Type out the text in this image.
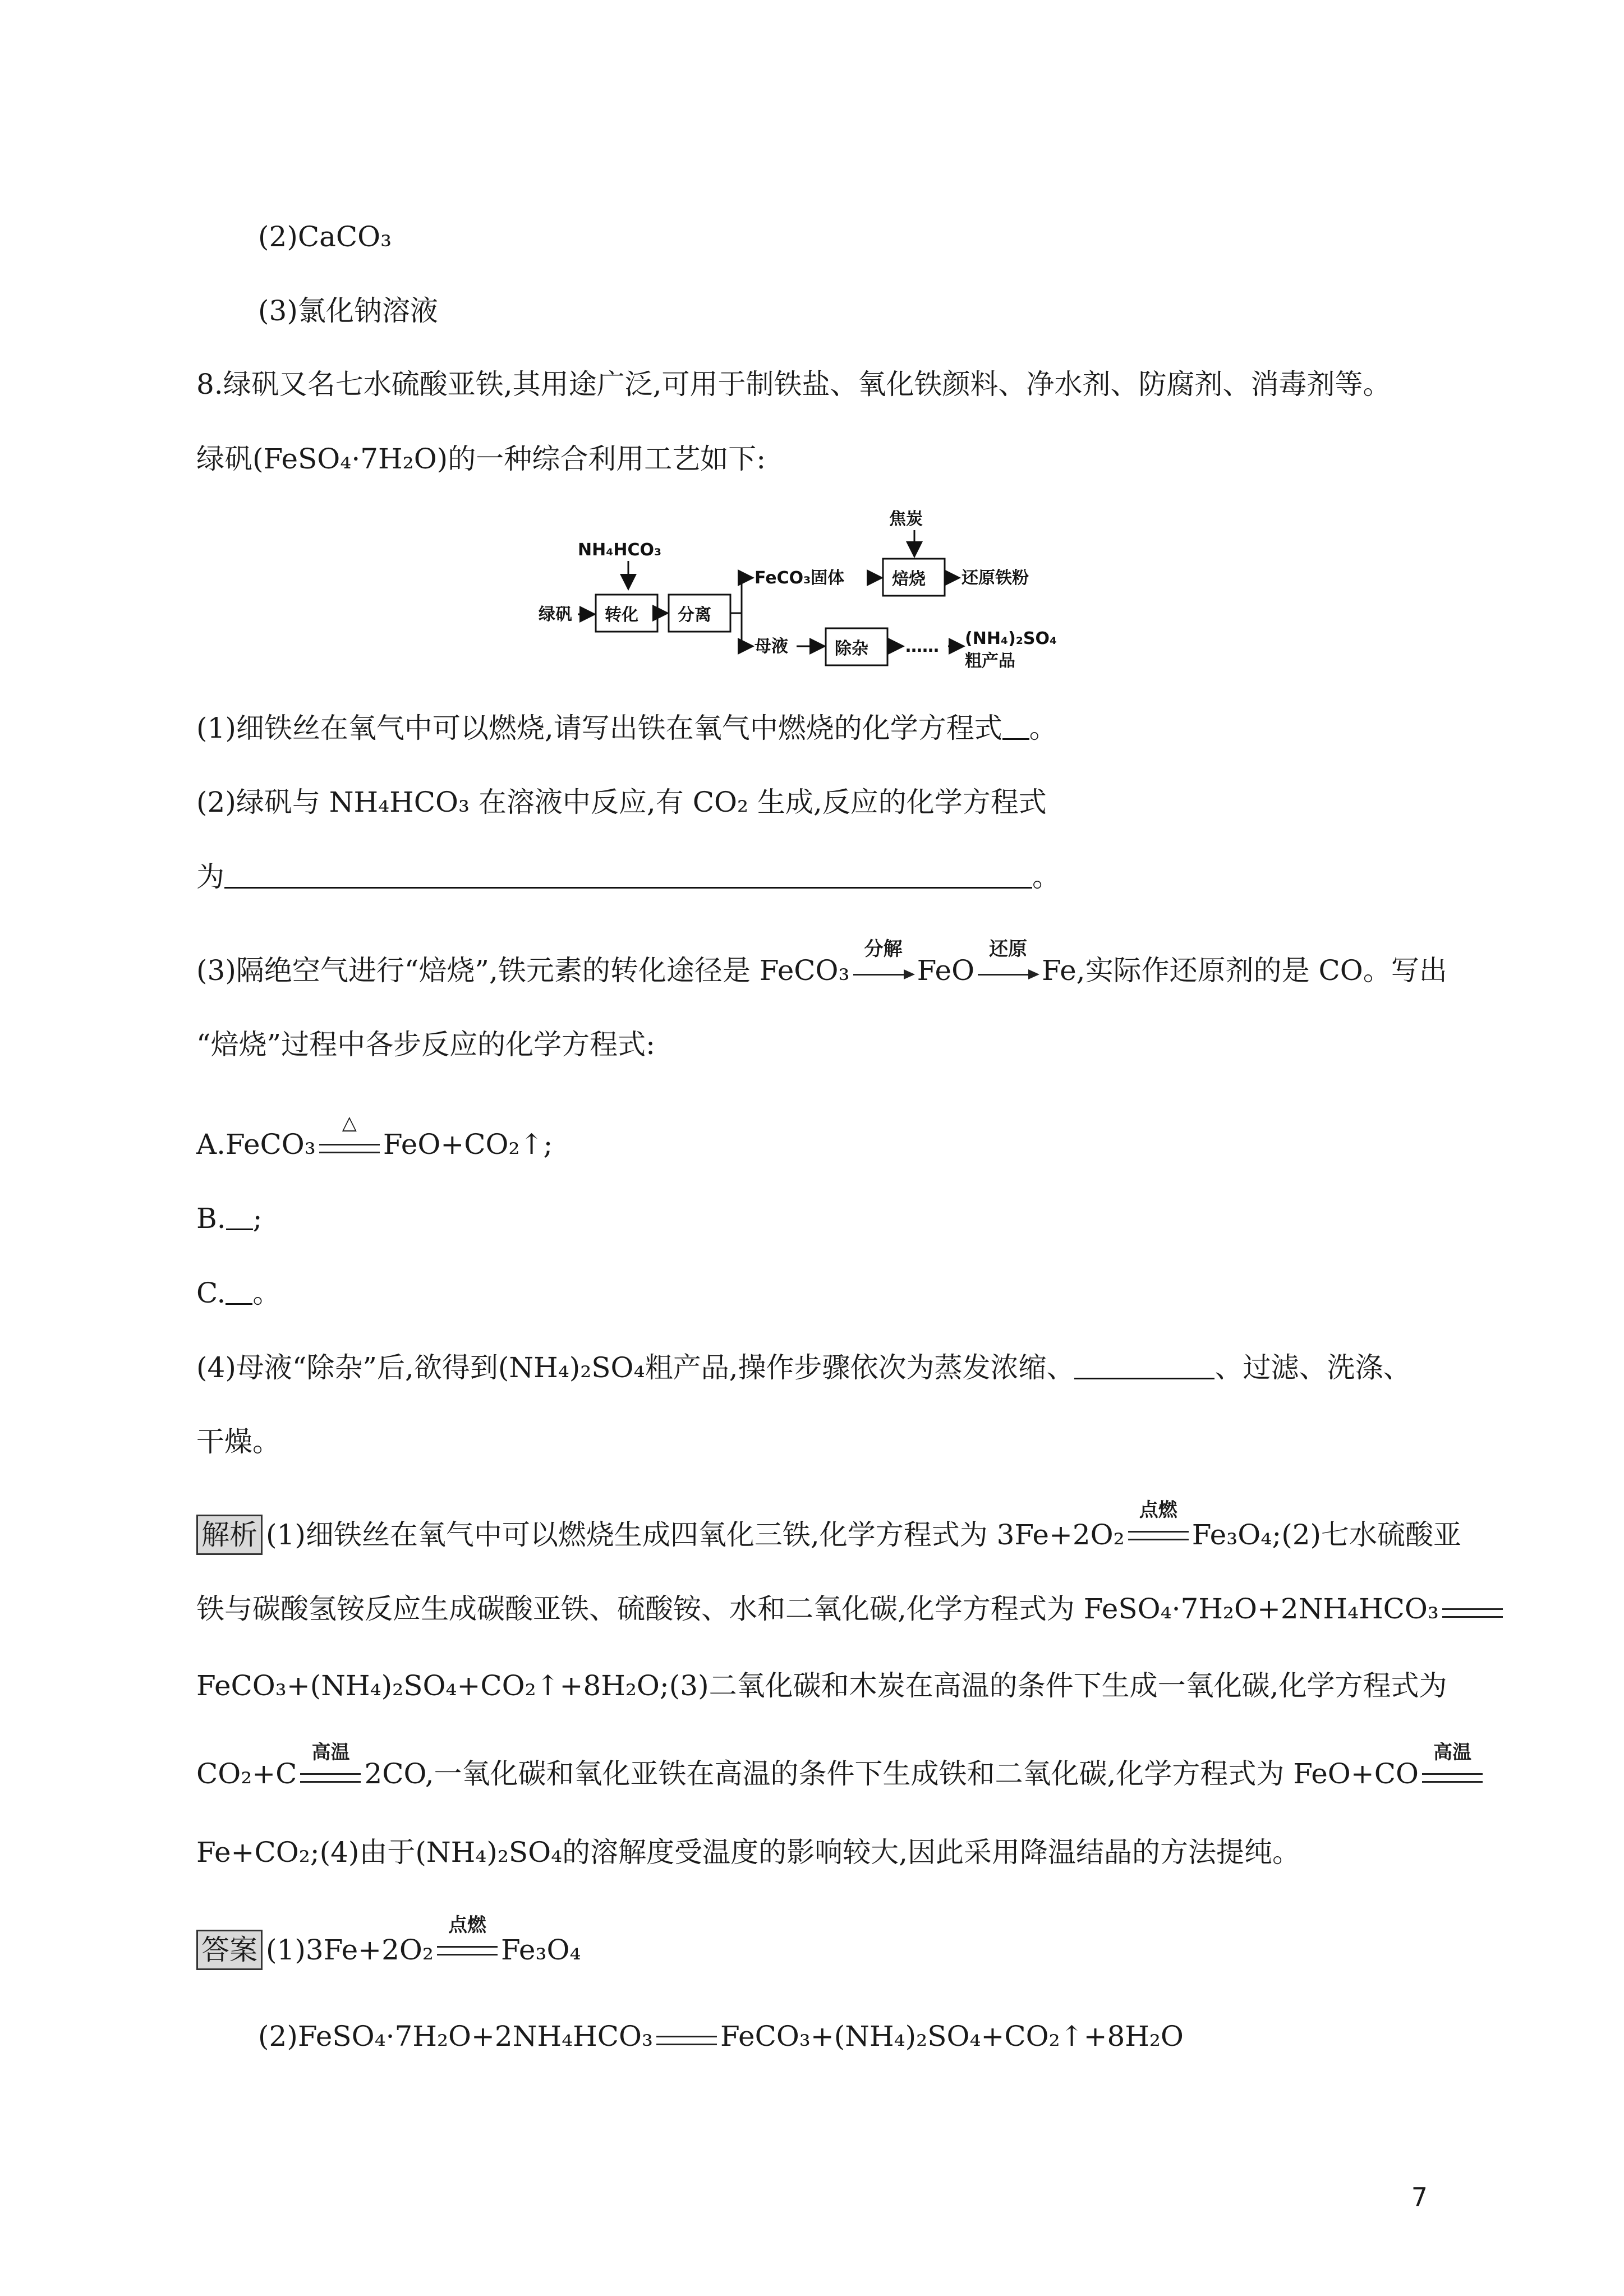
(2)CaCO₃
(3)氯化钠溶液
8.绿矾又名七水硫酸亚铁,其用途广泛,可用于制铁盐、氧化铁颜料、净水剂、防腐剂、消毒剂等。
绿矾(FeSO₄·7H₂O)的一种综合利用工艺如下:
NH₄HCO₃
绿矾 转化 分离
FeCO₃固体
焦炭
焙烧 还原铁粉
母液	除杂 …… (NH₄)₂SO₄
粗产品
(1)细铁丝在氧气中可以燃烧,请写出铁在氧气中燃烧的化学方程式 。
(2)绿矾与 NH₄HCO₃ 在溶液中反应,有 CO₂ 生成,反应的化学方程式
为	。
(3)隔绝空气进行“焙烧”,铁元素的转化途径是 FeCO₃
分解
FeO
还原
Fe,实际作还原剂的是 CO。写出
“焙烧”过程中各步反应的化学方程式:
A.FeCO₃
△
FeO+CO₂↑;
B. ;
C. 。
(4)母液“除杂”后,欲得到(NH₄)₂SO₄粗产品,操作步骤依次为蒸发浓缩、	、过滤、洗涤、
干燥。
解析 (1)细铁丝在氧气中可以燃烧生成四氧化三铁,化学方程式为 3Fe+2O₂
点燃
Fe₃O₄;(2)七水硫酸亚
铁与碳酸氢铵反应生成碳酸亚铁、硫酸铵、水和二氧化碳,化学方程式为 FeSO₄·7H₂O+2NH₄HCO₃
FeCO₃+(NH₄)₂SO₄+CO₂↑+8H₂O;(3)二氧化碳和木炭在高温的条件下生成一氧化碳,化学方程式为
CO₂+C
高温
2CO,一氧化碳和氧化亚铁在高温的条件下生成铁和二氧化碳,化学方程式为 FeO+CO
高温
Fe+CO₂;(4)由于(NH₄)₂SO₄的溶解度受温度的影响较大,因此采用降温结晶的方法提纯。
答案 (1)3Fe+2O₂
点燃
Fe₃O₄
(2)FeSO₄·7H₂O+2NH₄HCO₃ FeCO₃+(NH₄)₂SO₄+CO₂↑+8H₂O
7
